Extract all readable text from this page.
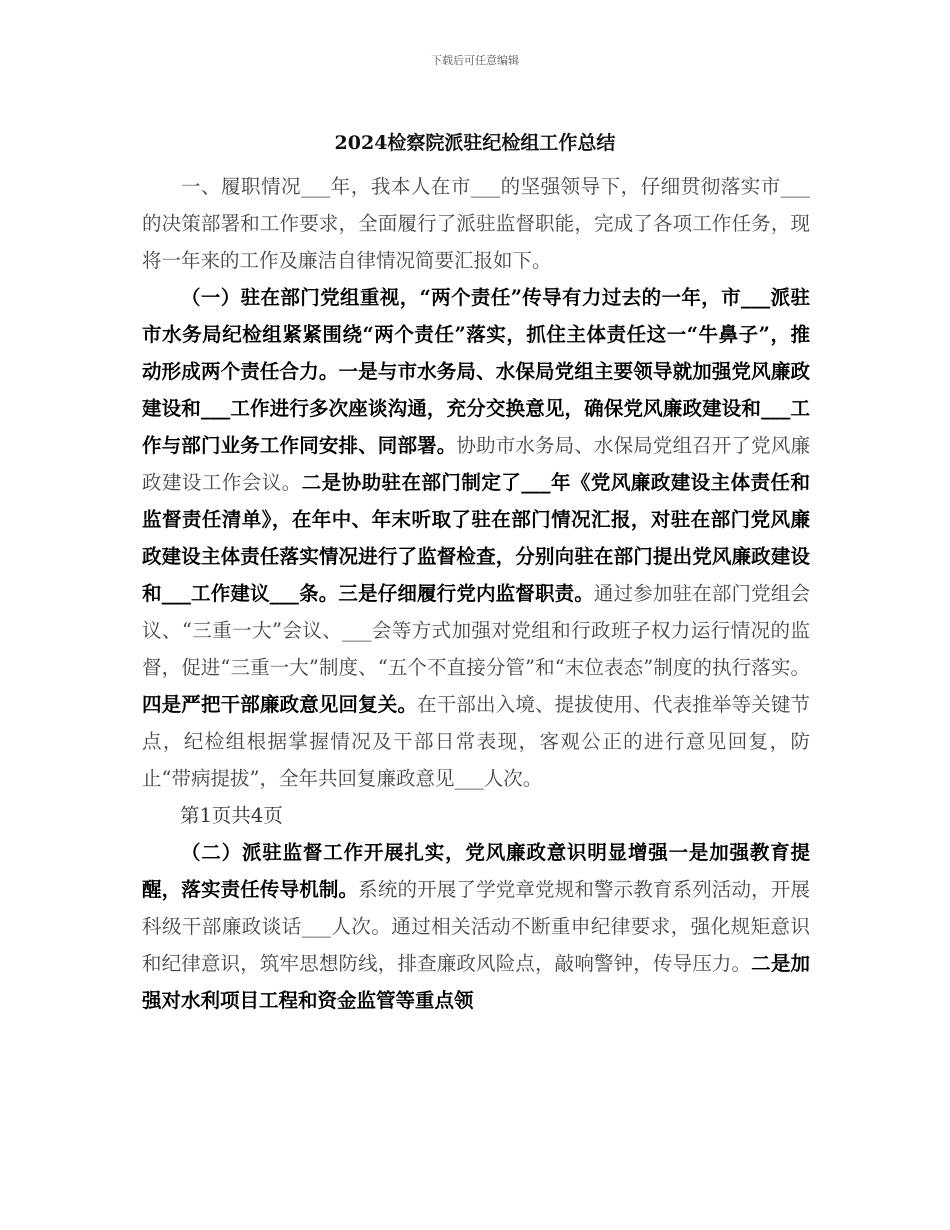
下载后可任意编辑
2024检察院派驻纪检组工作总结

一、履职情况___年，我本人在市___的坚强领导下，仔细贯彻落实市___的决策部署和工作要求，全面履行了派驻监督职能，完成了各项工作任务，现将一年来的工作及廉洁自律情况简要汇报如下。

（一）驻在部门党组重视，“两个责任”传导有力过去的一年，市___派驻市水务局纪检组紧紧围绕“两个责任”落实，抓住主体责任这一“牛鼻子”，推动形成两个责任合力。一是与市水务局、水保局党组主要领导就加强党风廉政建设和___工作进行多次座谈沟通，充分交换意见，确保党风廉政建设和___工作与部门业务工作同安排、同部署。协助市水务局、水保局党组召开了党风廉政建设工作会议。二是协助驻在部门制定了___年《党风廉政建设主体责任和监督责任清单》，在年中、年末听取了驻在部门情况汇报，对驻在部门党风廉政建设主体责任落实情况进行了监督检查，分别向驻在部门提出党风廉政建设和___工作建议___条。三是仔细履行党内监督职责。通过参加驻在部门党组会议、“三重一大”会议、___会等方式加强对党组和行政班子权力运行情况的监督，促进“三重一大”制度、“五个不直接分管”和“末位表态”制度的执行落实。四是严把干部廉政意见回复关。在干部出入境、提拔使用、代表推举等关键节点，纪检组根据掌握情况及干部日常表现，客观公正的进行意见回复，防止“带病提拔”，全年共回复廉政意见___人次。

第1页共4页

（二）派驻监督工作开展扎实，党风廉政意识明显增强一是加强教育提醒，落实责任传导机制。系统的开展了学党章党规和警示教育系列活动，开展科级干部廉政谈话___人次。通过相关活动不断重申纪律要求，强化规矩意识和纪律意识，筑牢思想防线，排查廉政风险点，敲响警钟，传导压力。二是加强对水利项目工程和资金监管等重点领
